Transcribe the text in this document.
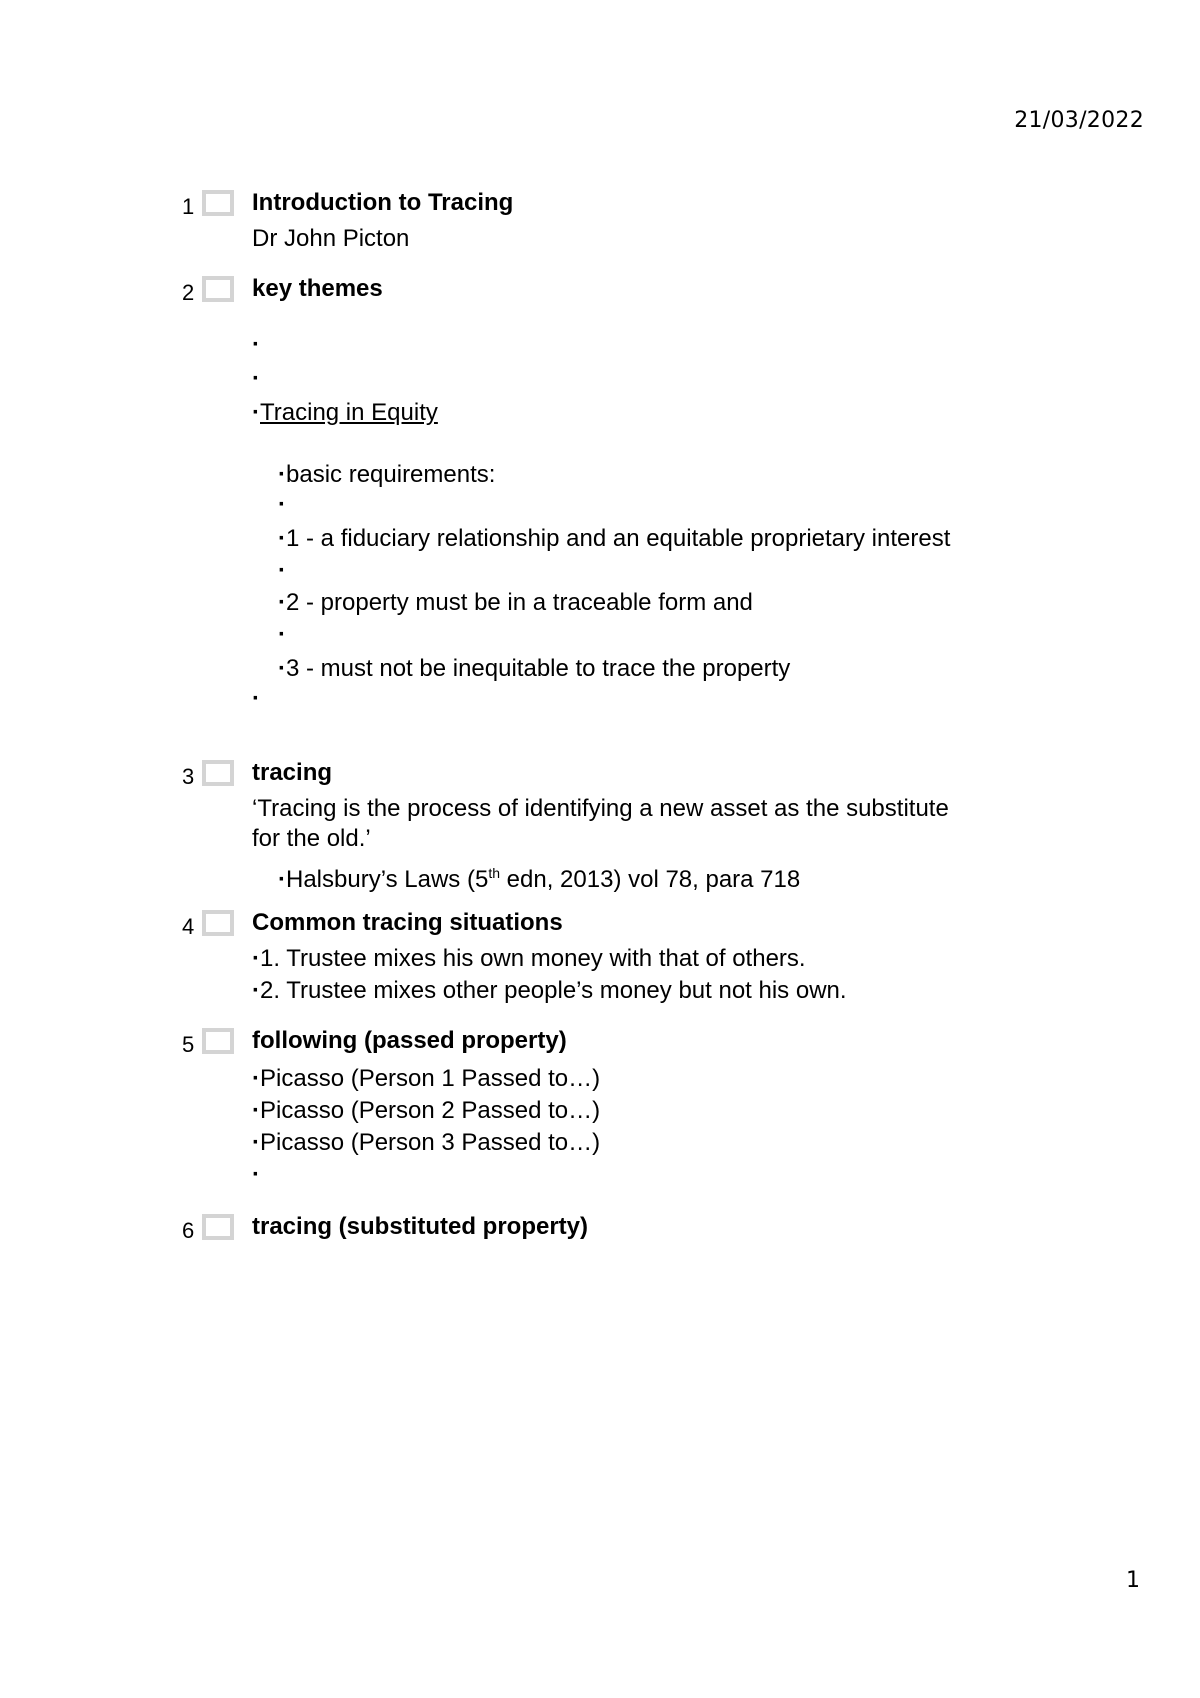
21/03/2022
1	Introduction to Tracing
Dr John Picton
2	key themes
·
·
· Tracing in Equity
· basic requirements:
·
· 1 - a fiduciary relationship and an equitable proprietary interest
·
· 2 - property must be in a traceable form and
·
· 3 - must not be inequitable to trace the property
·
3	tracing
‘Tracing is the process of identifying a new asset as the substitute
for the old.’
· Halsbury’s Laws (5th edn, 2013) vol 78, para 718
4	Common tracing situations
· 1. Trustee mixes his own money with that of others.
· 2. Trustee mixes other people’s money but not his own.
5	following (passed property)
· Picasso (Person 1 Passed to…)
· Picasso (Person 2 Passed to…)
· Picasso (Person 3 Passed to…)
·
6	tracing (substituted property)
1
